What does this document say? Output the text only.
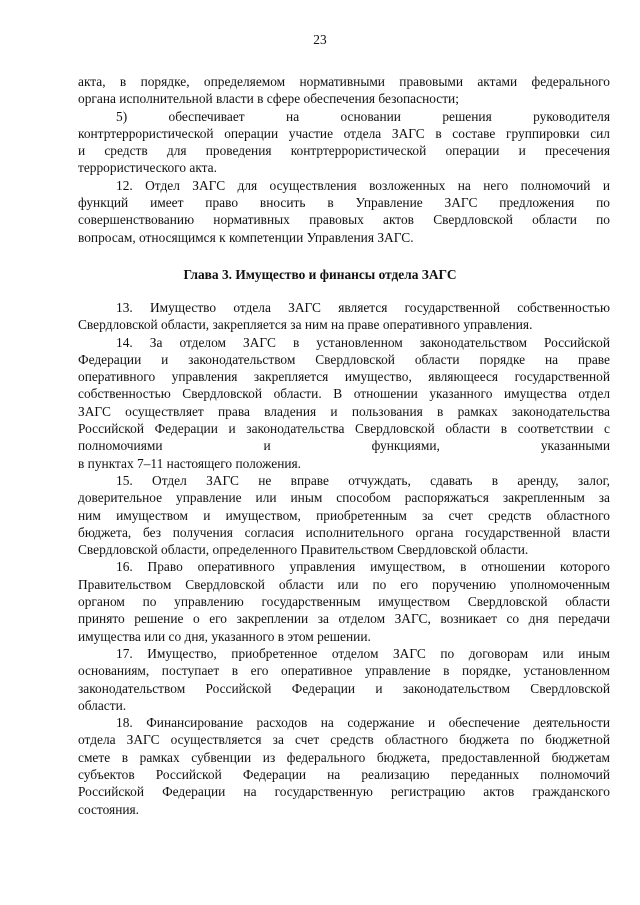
23

акта, в порядке, определяемом нормативными правовыми актами федерального

органа исполнительной власти в сфере обеспечения безопасности;

5) обеспечивает на основании решения руководителя

контртеррористической операции участие отдела ЗАГС в составе группировки сил

и средств для проведения контртеррористической операции и пресечения

террористического акта.

12. Отдел ЗАГС для осуществления возложенных на него полномочий и

функций имеет право вносить в Управление ЗАГС предложения по

совершенствованию нормативных правовых актов Свердловской области по

вопросам, относящимся к компетенции Управления ЗАГС.

Глава 3. Имущество и финансы отдела ЗАГС

13. Имущество отдела ЗАГС является государственной собственностью

Свердловской области, закрепляется за ним на праве оперативного управления.

14. За отделом ЗАГС в установленном законодательством Российской

Федерации и законодательством Свердловской области порядке на праве

оперативного управления закрепляется имущество, являющееся государственной

собственностью Свердловской области. В отношении указанного имущества отдел

ЗАГС осуществляет права владения и пользования в рамках законодательства

Российской Федерации и законодательства Свердловской области в соответствии с

полномочиями и функциями, указанными

в пунктах 7–11 настоящего положения.

15. Отдел ЗАГС не вправе отчуждать, сдавать в аренду, залог,

доверительное управление или иным способом распоряжаться закрепленным за

ним имуществом и имуществом, приобретенным за счет средств областного

бюджета, без получения согласия исполнительного органа государственной власти

Свердловской области, определенного Правительством Свердловской области.

16. Право оперативного управления имуществом, в отношении которого

Правительством Свердловской области или по его поручению уполномоченным

органом по управлению государственным имуществом Свердловской области

принято решение о его закреплении за отделом ЗАГС, возникает со дня передачи

имущества или со дня, указанного в этом решении.

17. Имущество, приобретенное отделом ЗАГС по договорам или иным

основаниям, поступает в его оперативное управление в порядке, установленном

законодательством Российской Федерации и законодательством Свердловской

области.

18. Финансирование расходов на содержание и обеспечение деятельности

отдела ЗАГС осуществляется за счет средств областного бюджета по бюджетной

смете в рамках субвенции из федерального бюджета, предоставленной бюджетам

субъектов Российской Федерации на реализацию переданных полномочий

Российской Федерации на государственную регистрацию актов гражданского

состояния.
